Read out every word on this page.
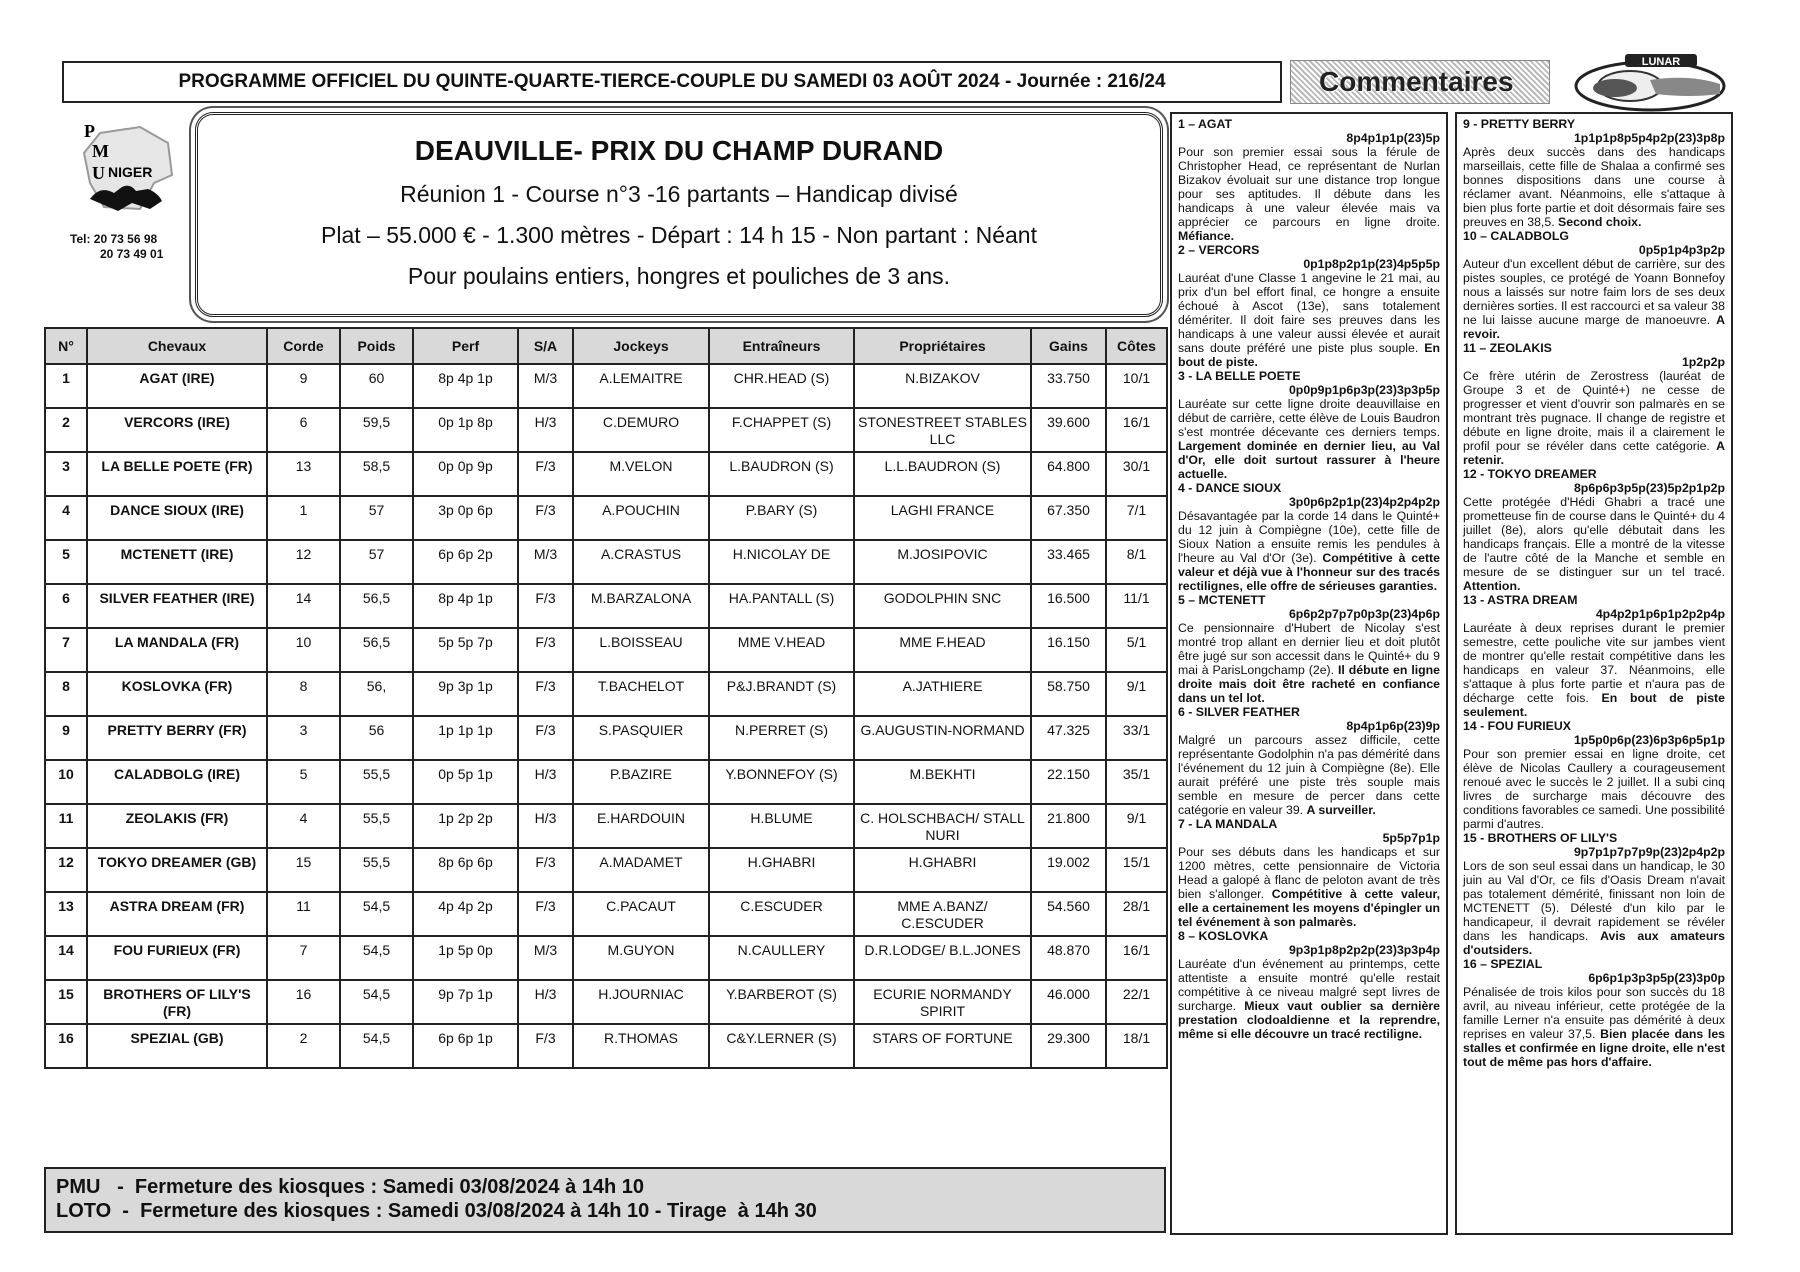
PROGRAMME OFFICIEL DU QUINTE-QUARTE-TIERCE-COUPLE DU SAMEDI 03 AOÛT 2024 - Journée : 216/24	Commentaires
LUNAR
P
M
U NIGER
Tel: 20 73 56 98
20 73 49 01
DEAUVILLE- PRIX DU CHAMP DURAND
Réunion 1 - Course n°3 -16 partants – Handicap divisé
Plat – 55.000 € - 1.300 mètres - Départ : 14 h 15 - Non partant : Néant
Pour poulains entiers, hongres et pouliches de 3 ans.
N°	Chevaux	Corde	Poids	Perf	S/A	Jockeys	Entraîneurs	Propriétaires	Gains	Côtes
1	AGAT (IRE)	9	60	8p 4p 1p	M/3	A.LEMAITRE	CHR.HEAD (S)	N.BIZAKOV	33.750	10/1
2	VERCORS (IRE)	6	59,5	0p 1p 8p	H/3	C.DEMURO	F.CHAPPET (S)	STONESTREET STABLES LLC	39.600	16/1
3	LA BELLE POETE (FR)	13	58,5	0p 0p 9p	F/3	M.VELON	L.BAUDRON (S)	L.L.BAUDRON (S)	64.800	30/1
4	DANCE SIOUX (IRE)	1	57	3p 0p 6p	F/3	A.POUCHIN	P.BARY (S)	LAGHI FRANCE	67.350	7/1
5	MCTENETT (IRE)	12	57	6p 6p 2p	M/3	A.CRASTUS	H.NICOLAY DE	M.JOSIPOVIC	33.465	8/1
6	SILVER FEATHER (IRE)	14	56,5	8p 4p 1p	F/3	M.BARZALONA	HA.PANTALL (S)	GODOLPHIN SNC	16.500	11/1
7	LA MANDALA (FR)	10	56,5	5p 5p 7p	F/3	L.BOISSEAU	MME V.HEAD	MME F.HEAD	16.150	5/1
8	KOSLOVKA (FR)	8	56,	9p 3p 1p	F/3	T.BACHELOT	P&J.BRANDT (S)	A.JATHIERE	58.750	9/1
9	PRETTY BERRY (FR)	3	56	1p 1p 1p	F/3	S.PASQUIER	N.PERRET (S)	G.AUGUSTIN-NORMAND	47.325	33/1
10	CALADBOLG (IRE)	5	55,5	0p 5p 1p	H/3	P.BAZIRE	Y.BONNEFOY (S)	M.BEKHTI	22.150	35/1
11	ZEOLAKIS (FR)	4	55,5	1p 2p 2p	H/3	E.HARDOUIN	H.BLUME	C. HOLSCHBACH/ STALL NURI	21.800	9/1
12	TOKYO DREAMER (GB)	15	55,5	8p 6p 6p	F/3	A.MADAMET	H.GHABRI	H.GHABRI	19.002	15/1
13	ASTRA DREAM (FR)	11	54,5	4p 4p 2p	F/3	C.PACAUT	C.ESCUDER	MME A.BANZ/ C.ESCUDER	54.560	28/1
14	FOU FURIEUX (FR)	7	54,5	1p 5p 0p	M/3	M.GUYON	N.CAULLERY	D.R.LODGE/ B.L.JONES	48.870	16/1
15	BROTHERS OF LILY'S (FR)	16	54,5	9p 7p 1p	H/3	H.JOURNIAC	Y.BARBEROT (S)	ECURIE NORMANDY SPIRIT	46.000	22/1
16	SPEZIAL (GB)	2	54,5	6p 6p 1p	F/3	R.THOMAS	C&Y.LERNER (S)	STARS OF FORTUNE	29.300	18/1
PMU   -  Fermeture des kiosques : Samedi 03/08/2024 à 14h 10
LOTO  -  Fermeture des kiosques : Samedi 03/08/2024 à 14h 10 - Tirage  à 14h 30
1 – AGAT
8p4p1p1p(23)5p
Pour son premier essai sous la férule de Christopher Head, ce représentant de Nurlan Bizakov évoluait sur une distance trop longue pour ses aptitudes. Il débute dans les handicaps à une valeur élevée mais va apprécier ce parcours en ligne droite. Méfiance.
2 – VERCORS
0p1p8p2p1p(23)4p5p5p
Lauréat d'une Classe 1 angevine le 21 mai, au prix d'un bel effort final, ce hongre a ensuite échoué à Ascot (13e), sans totalement démériter. Il doit faire ses preuves dans les handicaps à une valeur aussi élevée et aurait sans doute préféré une piste plus souple. En bout de piste.
3 - LA BELLE POETE
0p0p9p1p6p3p(23)3p3p5p
Lauréate sur cette ligne droite deauvillaise en début de carrière, cette élève de Louis Baudron s'est montrée décevante ces derniers temps. Largement dominée en dernier lieu, au Val d'Or, elle doit surtout rassurer à l'heure actuelle.
4 - DANCE SIOUX
3p0p6p2p1p(23)4p2p4p2p
Désavantagée par la corde 14 dans le Quinté+ du 12 juin à Compiègne (10e), cette fille de Sioux Nation a ensuite remis les pendules à l'heure au Val d'Or (3e). Compétitive à cette valeur et déjà vue à l'honneur sur des tracés rectilignes, elle offre de sérieuses garanties.
5 – MCTENETT
6p6p2p7p7p0p3p(23)4p6p
Ce pensionnaire d'Hubert de Nicolay s'est montré trop allant en dernier lieu et doit plutôt être jugé sur son accessit dans le Quinté+ du 9 mai à ParisLongchamp (2e). Il débute en ligne droite mais doit être racheté en confiance dans un tel lot.
6 - SILVER FEATHER
8p4p1p6p(23)9p
Malgré un parcours assez difficile, cette représentante Godolphin n'a pas démérité dans l'événement du 12 juin à Compiègne (8e). Elle aurait préféré une piste très souple mais semble en mesure de percer dans cette catégorie en valeur 39. A surveiller.
7 - LA MANDALA
5p5p7p1p
Pour ses débuts dans les handicaps et sur 1200 mètres, cette pensionnaire de Victoria Head a galopé à flanc de peloton avant de très bien s'allonger. Compétitive à cette valeur, elle a certainement les moyens d'épingler un tel événement à son palmarès.
8 – KOSLOVKA
9p3p1p8p2p2p(23)3p3p4p
Lauréate d'un événement au printemps, cette attentiste a ensuite montré qu'elle restait compétitive à ce niveau malgré sept livres de surcharge. Mieux vaut oublier sa dernière prestation clodoaldienne et la reprendre, même si elle découvre un tracé rectiligne.
9 - PRETTY BERRY
1p1p1p8p5p4p2p(23)3p8p
Après deux succès dans des handicaps marseillais, cette fille de Shalaa a confirmé ses bonnes dispositions dans une course à réclamer avant. Néanmoins, elle s'attaque à bien plus forte partie et doit désormais faire ses preuves en 38,5. Second choix.
10 – CALADBOLG
0p5p1p4p3p2p
Auteur d'un excellent début de carrière, sur des pistes souples, ce protégé de Yoann Bonnefoy nous a laissés sur notre faim lors de ses deux dernières sorties. Il est raccourci et sa valeur 38 ne lui laisse aucune marge de manoeuvre. A revoir.
11 – ZEOLAKIS
1p2p2p
Ce frère utérin de Zerostress (lauréat de Groupe 3 et de Quinté+) ne cesse de progresser et vient d'ouvrir son palmarès en se montrant très pugnace. Il change de registre et débute en ligne droite, mais il a clairement le profil pour se révéler dans cette catégorie. A retenir.
12 - TOKYO DREAMER
8p6p6p3p5p(23)5p2p1p2p
Cette protégée d'Hédi Ghabri a tracé une prometteuse fin de course dans le Quinté+ du 4 juillet (8e), alors qu'elle débutait dans les handicaps français. Elle a montré de la vitesse de l'autre côté de la Manche et semble en mesure de se distinguer sur un tel tracé. Attention.
13 - ASTRA DREAM
4p4p2p1p6p1p2p2p4p
Lauréate à deux reprises durant le premier semestre, cette pouliche vite sur jambes vient de montrer qu'elle restait compétitive dans les handicaps en valeur 37. Néanmoins, elle s'attaque à plus forte partie et n'aura pas de décharge cette fois. En bout de piste seulement.
14 - FOU FURIEUX
1p5p0p6p(23)6p3p6p5p1p
Pour son premier essai en ligne droite, cet élève de Nicolas Caullery a courageusement renoué avec le succès le 2 juillet. Il a subi cinq livres de surcharge mais découvre des conditions favorables ce samedi. Une possibilité parmi d'autres.
15 - BROTHERS OF LILY'S
9p7p1p7p7p9p(23)2p4p2p
Lors de son seul essai dans un handicap, le 30 juin au Val d'Or, ce fils d'Oasis Dream n'avait pas totalement démérité, finissant non loin de MCTENETT (5). Délesté d'un kilo par le handicapeur, il devrait rapidement se révéler dans les handicaps. Avis aux amateurs d'outsiders.
16 – SPEZIAL
6p6p1p3p3p5p(23)3p0p
Pénalisée de trois kilos pour son succès du 18 avril, au niveau inférieur, cette protégée de la famille Lerner n'a ensuite pas démérité à deux reprises en valeur 37,5. Bien placée dans les stalles et confirmée en ligne droite, elle n'est tout de même pas hors d'affaire.
